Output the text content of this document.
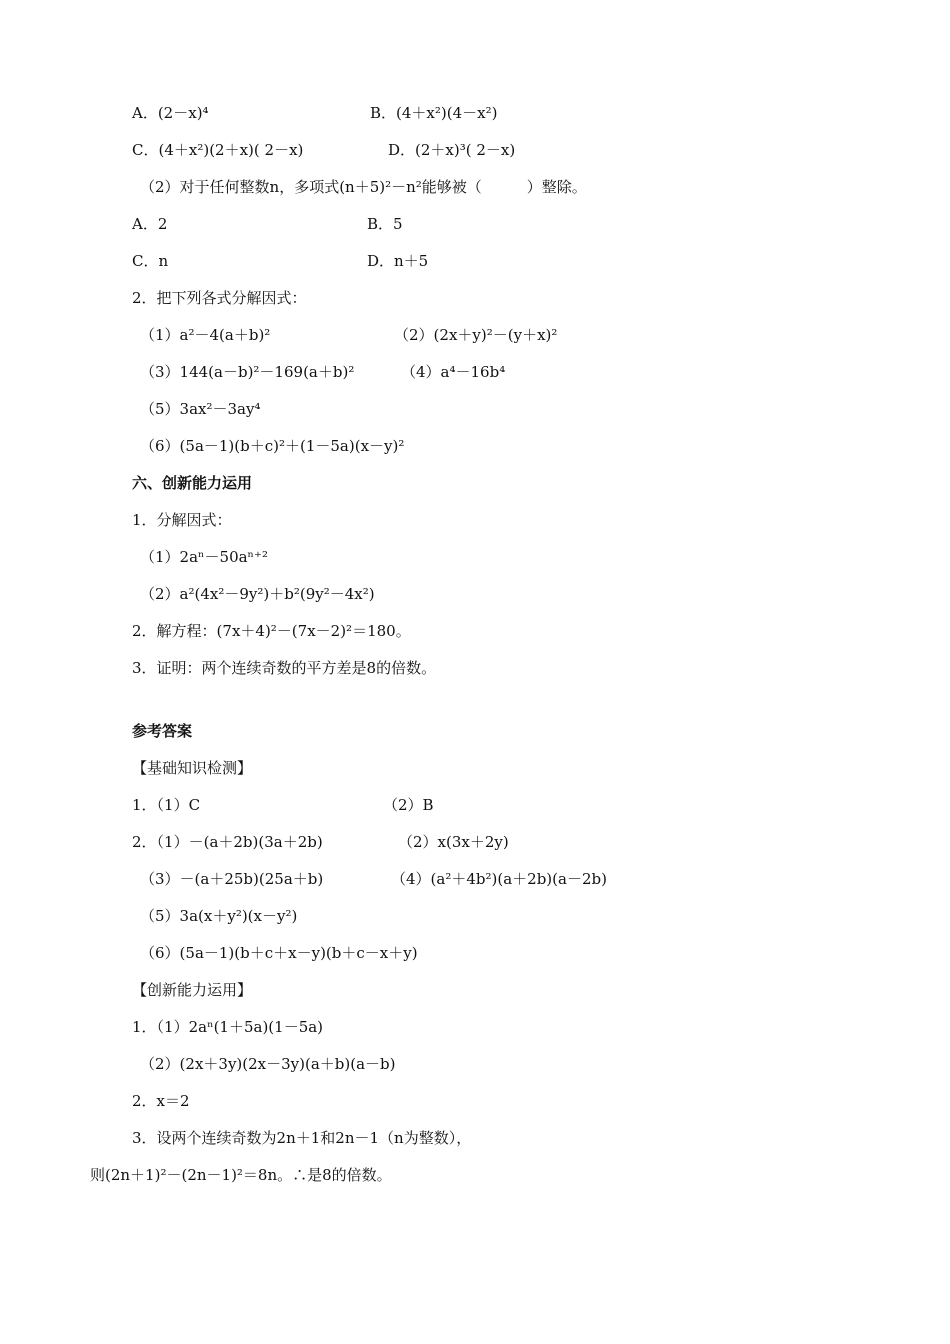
A．(2－x)⁴	B．(4＋x²)(4－x²)
C．(4＋x²)(2＋x)( 2－x)	D．(2＋x)³( 2－x)
（2）对于任何整数n，多项式(n＋5)²－n²能够被（　　　）整除。
A．2	B．5
C．n	D．n＋5
2．把下列各式分解因式：
（1）a²－4(a＋b)²	（2）(2x＋y)²－(y＋x)²
（3）144(a－b)²－169(a＋b)²	（4）a⁴－16b⁴
（5）3ax²－3ay⁴
（6）(5a－1)(b＋c)²＋(1－5a)(x－y)²
六、创新能力运用
1．分解因式：
（1）2aⁿ－50aⁿ⁺²
（2）a²(4x²－9y²)＋b²(9y²－4x²)
2．解方程：(7x＋4)²－(7x－2)²＝180。
3．证明：两个连续奇数的平方差是8的倍数。
参考答案
【基础知识检测】
1．（1）C	（2）B
2．（1）－(a＋2b)(3a＋2b)	（2）x(3x＋2y)
（3）－(a＋25b)(25a＋b)	（4）(a²＋4b²)(a＋2b)(a－2b)
（5）3a(x＋y²)(x－y²)
（6）(5a－1)(b＋c＋x－y)(b＋c－x＋y)
【创新能力运用】
1．（1）2aⁿ(1＋5a)(1－5a)
（2）(2x＋3y)(2x－3y)(a＋b)(a－b)
2．x＝2
3．设两个连续奇数为2n＋1和2n－1（n为整数），
则(2n＋1)²－(2n－1)²＝8n。∴是8的倍数。
